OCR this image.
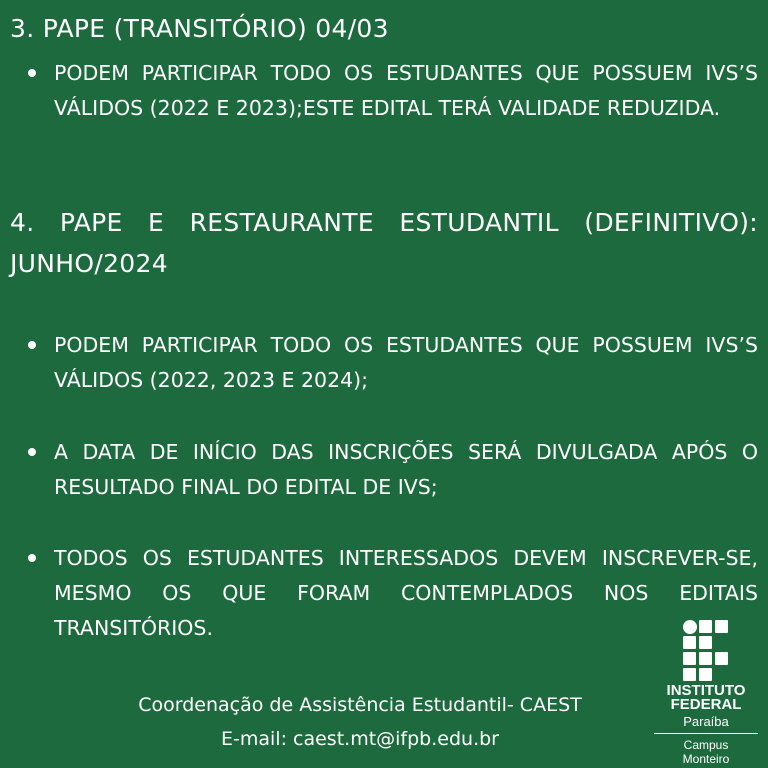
3. PAPE (TRANSITÓRIO) 04/03
PODEM PARTICIPAR TODO OS ESTUDANTES QUE POSSUEM IVS’S VÁLIDOS (2022 E 2023);ESTE EDITAL TERÁ VALIDADE REDUZIDA.
4. PAPE E RESTAURANTE ESTUDANTIL (DEFINITIVO): JUNHO/2024
PODEM PARTICIPAR TODO OS ESTUDANTES QUE POSSUEM IVS’S VÁLIDOS (2022, 2023 E 2024);
A DATA DE INÍCIO DAS INSCRIÇÕES SERÁ DIVULGADA APÓS O RESULTADO FINAL DO EDITAL DE IVS;
TODOS OS ESTUDANTES INTERESSADOS DEVEM INSCREVER-SE, MESMO OS QUE FORAM CONTEMPLADOS NOS EDITAIS TRANSITÓRIOS.
Coordenação de Assistência Estudantil- CAEST
E-mail: caest.mt@ifpb.edu.br
INSTITUTO
FEDERAL
Paraíba
Campus
Monteiro
